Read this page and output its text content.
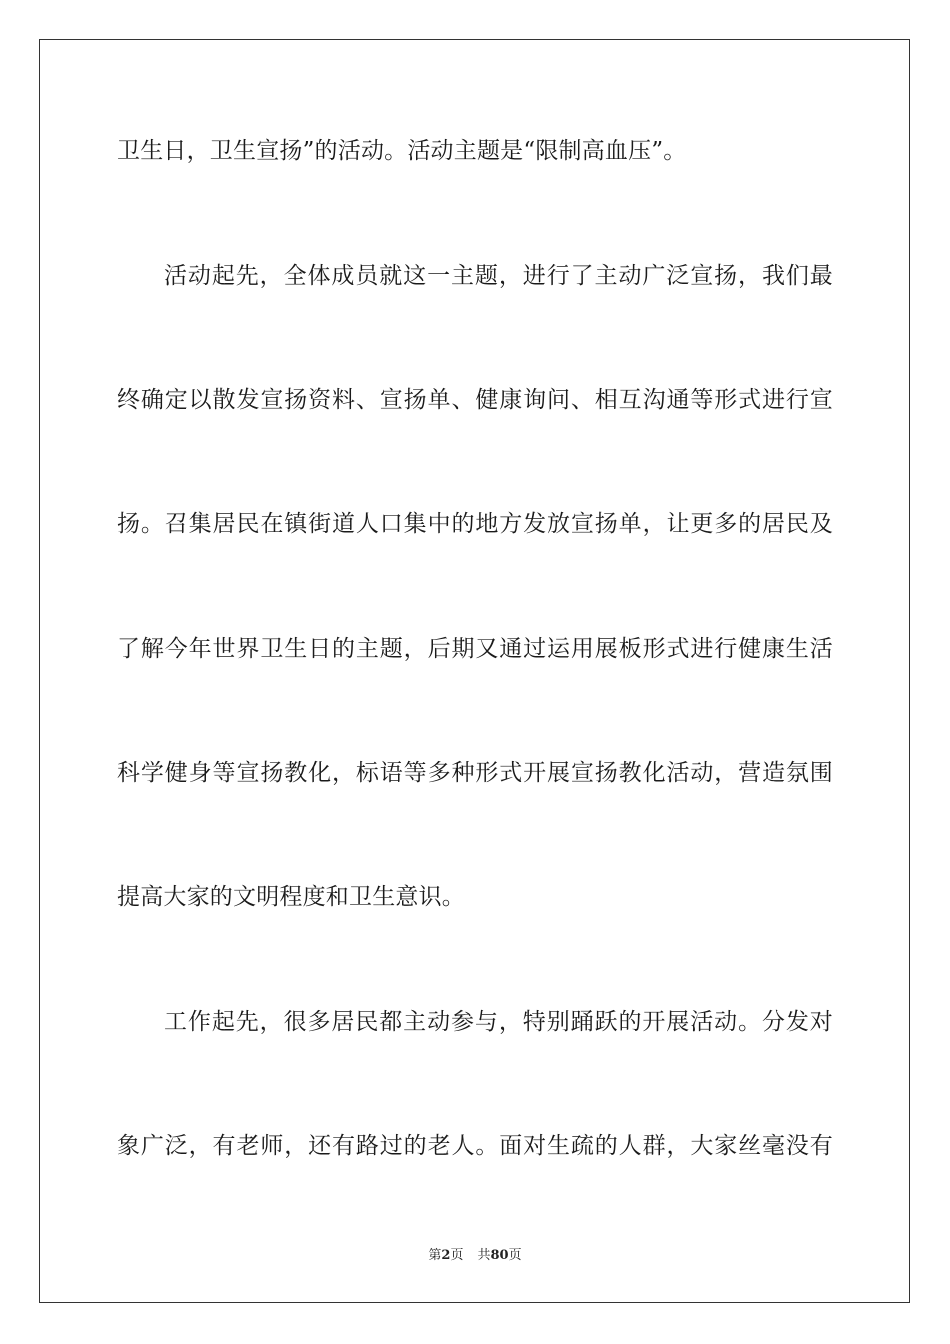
卫生日，卫生宣扬”的活动。活动主题是“限制高血压”。
活动起先，全体成员就这一主题，进行了主动广泛宣扬，我们最
终确定以散发宣扬资料、宣扬单、健康询问、相互沟通等形式进行宣
扬。召集居民在镇街道人口集中的地方发放宣扬单，让更多的居民及
了解今年世界卫生日的主题，后期又通过运用展板形式进行健康生活
科学健身等宣扬教化，标语等多种形式开展宣扬教化活动，营造氛围
提高大家的文明程度和卫生意识。
工作起先，很多居民都主动参与，特别踊跃的开展活动。分发对
象广泛，有老师，还有路过的老人。面对生疏的人群，大家丝毫没有
第2页 共80页
